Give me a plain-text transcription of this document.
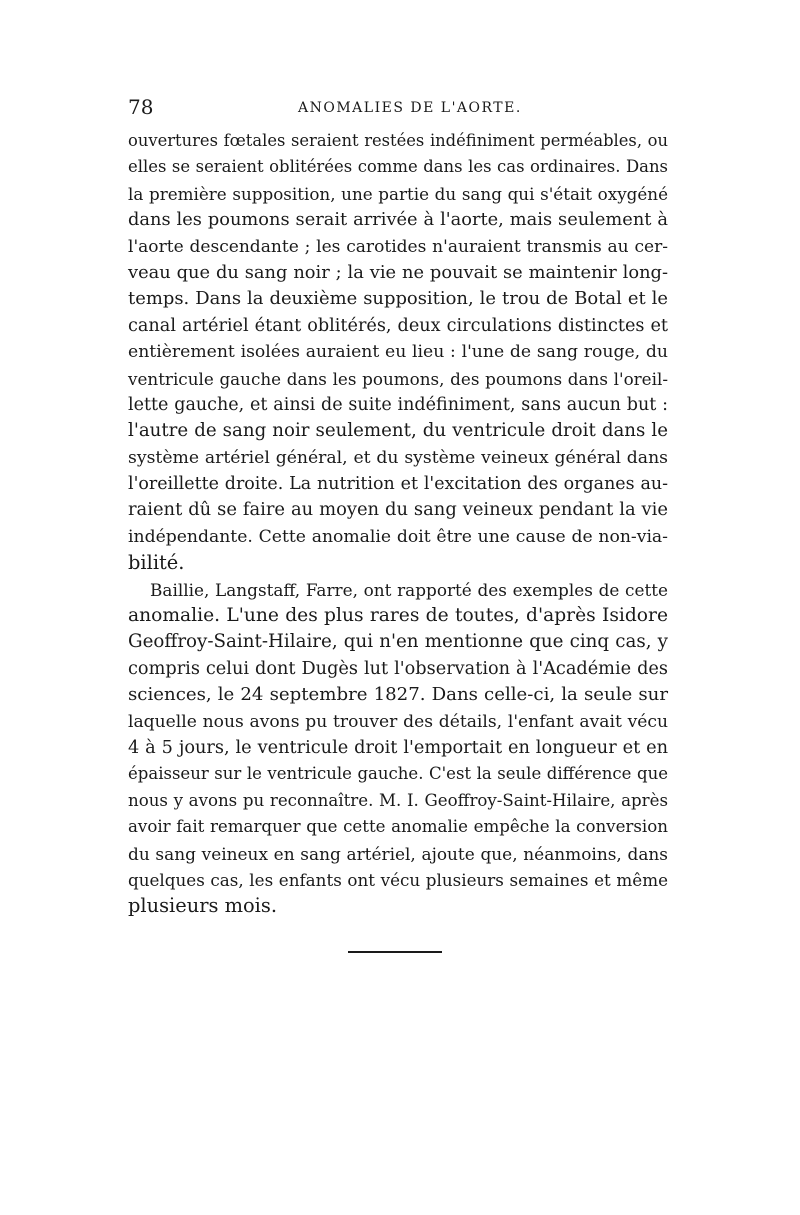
78	ANOMALIES DE L'AORTE.
ouvertures fœtales seraient restées indéfiniment perméables, ou
elles se seraient oblitérées comme dans les cas ordinaires. Dans
la première supposition, une partie du sang qui s'était oxygéné
dans les poumons serait arrivée à l'aorte, mais seulement à
l'aorte descendante ; les carotides n'auraient transmis au cer-
veau que du sang noir ; la vie ne pouvait se maintenir long-
temps. Dans la deuxième supposition, le trou de Botal et le
canal artériel étant oblitérés, deux circulations distinctes et
entièrement isolées auraient eu lieu : l'une de sang rouge, du
ventricule gauche dans les poumons, des poumons dans l'oreil-
lette gauche, et ainsi de suite indéfiniment, sans aucun but :
l'autre de sang noir seulement, du ventricule droit dans le
système artériel général, et du système veineux général dans
l'oreillette droite. La nutrition et l'excitation des organes au-
raient dû se faire au moyen du sang veineux pendant la vie
indépendante. Cette anomalie doit être une cause de non-via-
bilité.
Baillie, Langstaff, Farre, ont rapporté des exemples de cette
anomalie. L'une des plus rares de toutes, d'après Isidore
Geoffroy-Saint-Hilaire, qui n'en mentionne que cinq cas, y
compris celui dont Dugès lut l'observation à l'Académie des
sciences, le 24 septembre 1827. Dans celle-ci, la seule sur
laquelle nous avons pu trouver des détails, l'enfant avait vécu
4 à 5 jours, le ventricule droit l'emportait en longueur et en
épaisseur sur le ventricule gauche. C'est la seule différence que
nous y avons pu reconnaître. M. I. Geoffroy-Saint-Hilaire, après
avoir fait remarquer que cette anomalie empêche la conversion
du sang veineux en sang artériel, ajoute que, néanmoins, dans
quelques cas, les enfants ont vécu plusieurs semaines et même
plusieurs mois.
